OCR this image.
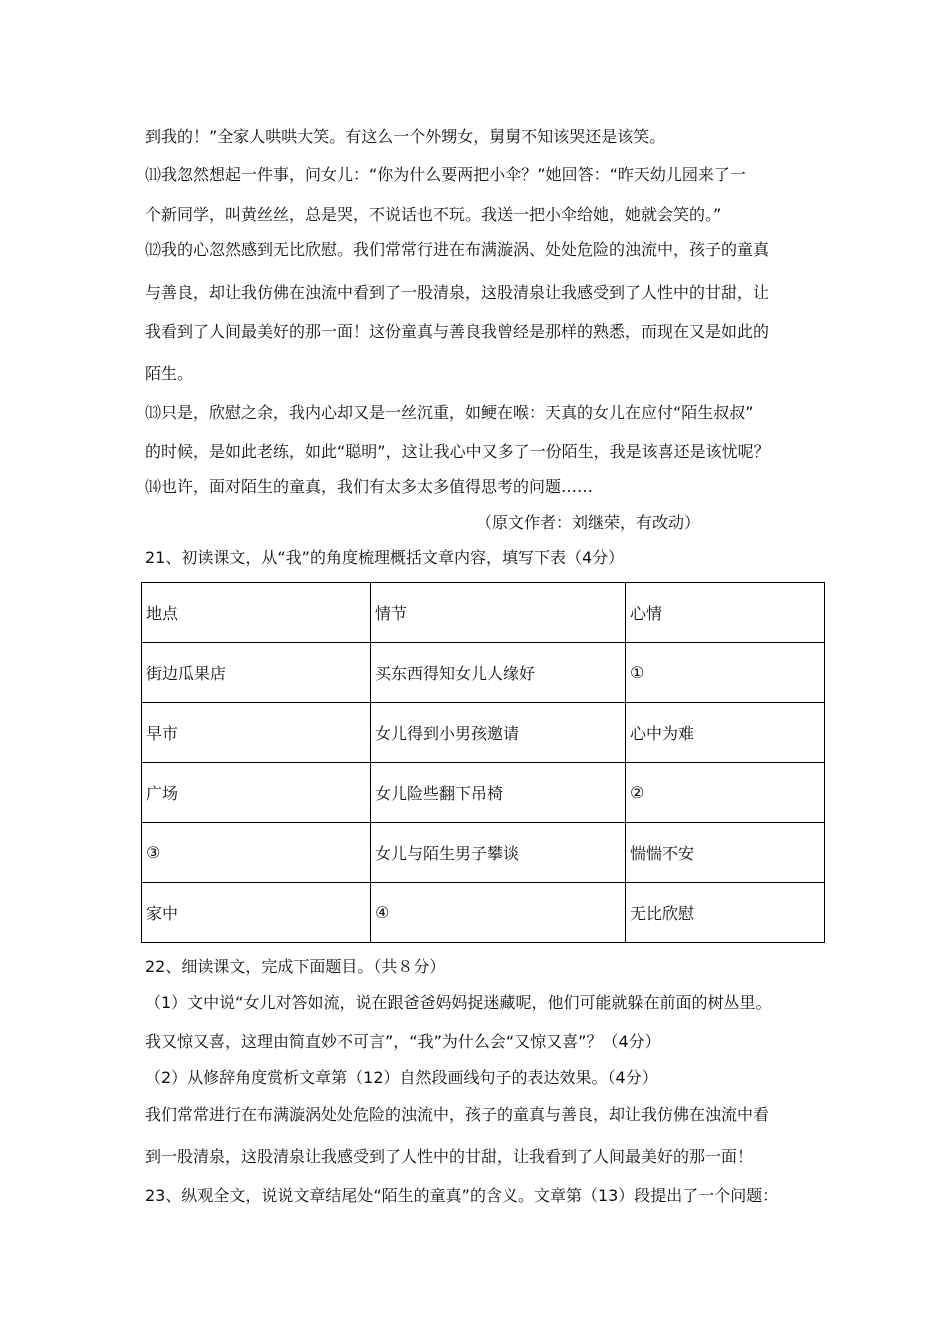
到我的！”全家人哄哄大笑。有这么一个外甥女，舅舅不知该哭还是该笑。
⑾我忽然想起一件事，问女儿：“你为什么要两把小伞？”她回答：“昨天幼儿园来了一
个新同学，叫黄丝丝，总是哭，不说话也不玩。我送一把小伞给她，她就会笑的。”
⑿我的心忽然感到无比欣慰。我们常常行进在布满漩涡、处处危险的浊流中，孩子的童真
与善良，却让我仿佛在浊流中看到了一股清泉，这股清泉让我感受到了人性中的甘甜，让
我看到了人间最美好的那一面！这份童真与善良我曾经是那样的熟悉，而现在又是如此的
陌生。
⒀只是，欣慰之余，我内心却又是一丝沉重，如鲠在喉：天真的女儿在应付“陌生叔叔”
的时候，是如此老练，如此“聪明”，这让我心中又多了一份陌生，我是该喜还是该忧呢？
⒁也许，面对陌生的童真，我们有太多太多值得思考的问题……
（原文作者：刘继荣，有改动）
21、初读课文，从“我”的角度梳理概括文章内容，填写下表（4分）
地点	情节	心情
街边瓜果店	买东西得知女儿人缘好	①
早市	女儿得到小男孩邀请	心中为难
广场	女儿险些翻下吊椅	②
③	女儿与陌生男子攀谈	惴惴不安
家中	④	无比欣慰
22、细读课文，完成下面题目。（共８分）
（1）文中说“女儿对答如流，说在跟爸爸妈妈捉迷藏呢，他们可能就躲在前面的树丛里。
我又惊又喜，这理由简直妙不可言”，“我”为什么会“又惊又喜”？（4分）
（2）从修辞角度赏析文章第（12）自然段画线句子的表达效果。（4分）
我们常常进行在布满漩涡处处危险的浊流中，孩子的童真与善良，却让我仿佛在浊流中看
到一股清泉，这股清泉让我感受到了人性中的甘甜，让我看到了人间最美好的那一面！
23、纵观全文，说说文章结尾处“陌生的童真”的含义。文章第（13）段提出了一个问题：
